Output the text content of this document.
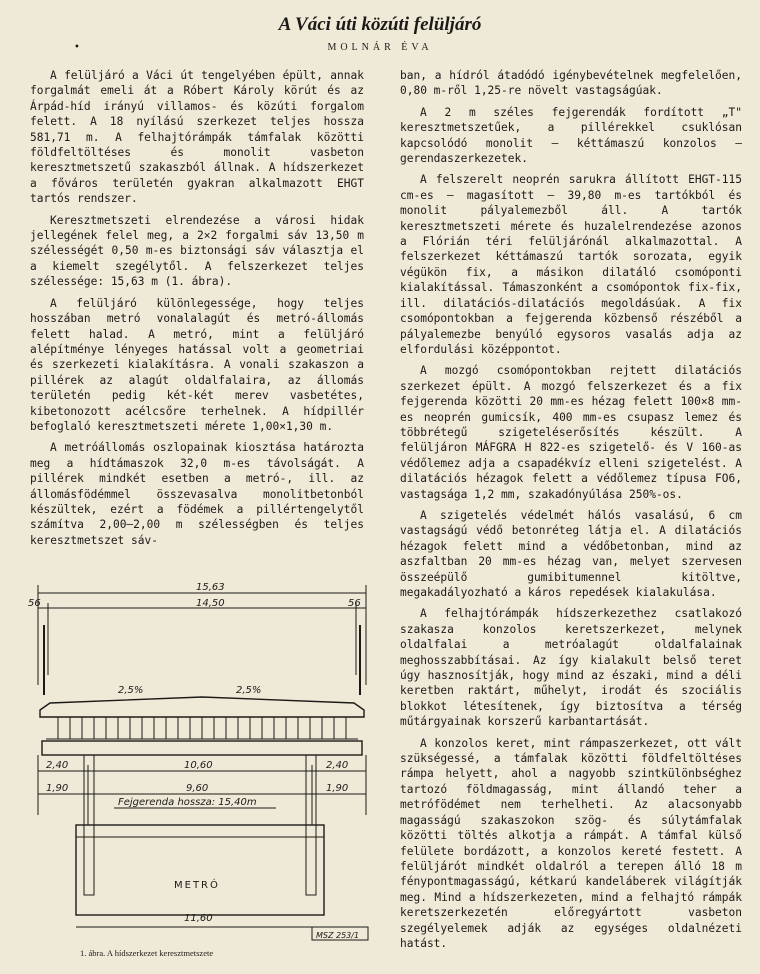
A Váci úti közúti felüljáró
•	MOLNÁR ÉVA

A felüljáró a Váci út tengelyében épült, annak forgalmát emeli át a Róbert Károly körút és az Árpád-híd irányú villamos- és közúti forgalom felett. A 18 nyílású szerkezet teljes hossza 581,71 m. A felhajtórámpák támfalak közötti földfeltöltéses és monolit vasbeton keresztmetszetű szakaszból állnak. A hídszerkezet a főváros területén gyakran alkalmazott EHGT tartós rendszer.

Keresztmetszeti elrendezése a városi hidak jellegének felel meg, a 2×2 forgalmi sáv 13,50 m szélességét 0,50 m-es biztonsági sáv választja el a kiemelt szegélytől. A felszerkezet teljes szélessége: 15,63 m (1. ábra).

A felüljáró különlegessége, hogy teljes hosszában metró vonalalagút és metró-állomás felett halad. A metró, mint a felüljáró alépítménye lényeges hatással volt a geometriai és szerkezeti kialakításra. A vonali szakaszon a pillérek az alagút oldalfalaira, az állomás területén pedig két-két merev vasbetétes, kibetonozott acélcsőre terhelnek. A hídpillér befoglaló keresztmetszeti mérete 1,00×1,30 m.

A metróállomás oszlopainak kiosztása határozta meg a hídtámaszok 32,0 m-es távolságát. A pillérek mindkét esetben a metró-, ill. az állomásfödémmel összevasalva monolitbetonból készültek, ezért a födémek a pillértengelytől számítva 2,00—2,00 m szélességben és teljes keresztmetszet sáv-

ban, a hídról átadódó igénybevételnek megfelelően, 0,80 m-ről 1,25-re növelt vastagságúak.

A 2 m széles fejgerendák fordított „T" keresztmetszetűek, a pillérekkel csuklósan kapcsolódó monolit — kéttámaszú konzolos — gerendaszerkezetek.

A felszerelt neoprén sarukra állított EHGT-115 cm-es — magasított — 39,80 m-es tartókból és monolit pályalemezből áll. A tartók keresztmetszeti mérete és huzalelrendezése azonos a Flórián téri felüljárónál alkalmazottal. A felszerkezet kéttámaszú tartók sorozata, egyik végükön fix, a másikon dilatáló csomóponti kialakítással. Támaszonként a csomópontok fix-fix, ill. dilatációs-dilatációs megoldásúak. A fix csomópontokban a fejgerenda közbenső részéből a pályalemezbe benyúló egysoros vasalás adja az elfordulási középpontot.

A mozgó csomópontokban rejtett dilatációs szerkezet épült. A mozgó felszerkezet és a fix fejgerenda közötti 20 mm-es hézag felett 100×8 mm-es neoprén gumicsík, 400 mm-es csupasz lemez és többrétegű szigeteléserősítés készült. A felüljáron MÁFGRA H 822-es szigetelő- és V 160-as védőlemez adja a csapadékvíz elleni szigetelést. A dilatációs hézagok felett a védőlemez típusa FO6, vastagsága 1,2 mm, szakadónyúlása 250%-os.

A szigetelés védelmét hálós vasalású, 6 cm vastagságú védő betonréteg látja el. A dilatációs hézagok felett mind a védőbetonban, mind az aszfaltban 20 mm-es hézag van, melyet szervesen összeépülő gumibitumennel kitöltve, megakadályozható a káros repedések kialakulása.

A felhajtórámpák hídszerkezethez csatlakozó szakasza konzolos keretszerkezet, melynek oldalfalai a metróalagút oldalfalainak meghosszabbításai. Az így kialakult belső teret úgy hasznosítják, hogy mind az északi, mind a déli keretben raktárt, műhelyt, irodát és szociális blokkot létesítenek, így biztosítva a térség műtárgyainak korszerű karbantartását.

A konzolos keret, mint rámpaszerkezet, ott vált szükségessé, a támfalak közötti földfeltöltéses rámpa helyett, ahol a nagyobb szintkülönbséghez tartozó földmagasság, mint állandó teher a metrófödémet nem terhelheti. Az alacsonyabb magasságú szakaszokon szög- és súlytámfalak közötti töltés alkotja a rámpát. A támfal külső felülete bordázott, a konzolos kereté festett. A felüljárót mindkét oldalról a terepen álló 18 m fénypontmagasságú, kétkarú kandeláberek világítják meg. Mind a hídszerkezeten, mind a felhajtó rámpák keretszerkezetén előregyártott vasbeton szegélyelemek adják az egységes oldalnézeti hatást.

15,63
56	14,50	56
2,5%	2,5%
2,40	10,60	2,40
1,90	9,60	1,90
Fejgerenda hossza: 15,40m
METRÓ
11,60
MSZ 253/1
1. ábra. A hídszerkezet keresztmetszete
